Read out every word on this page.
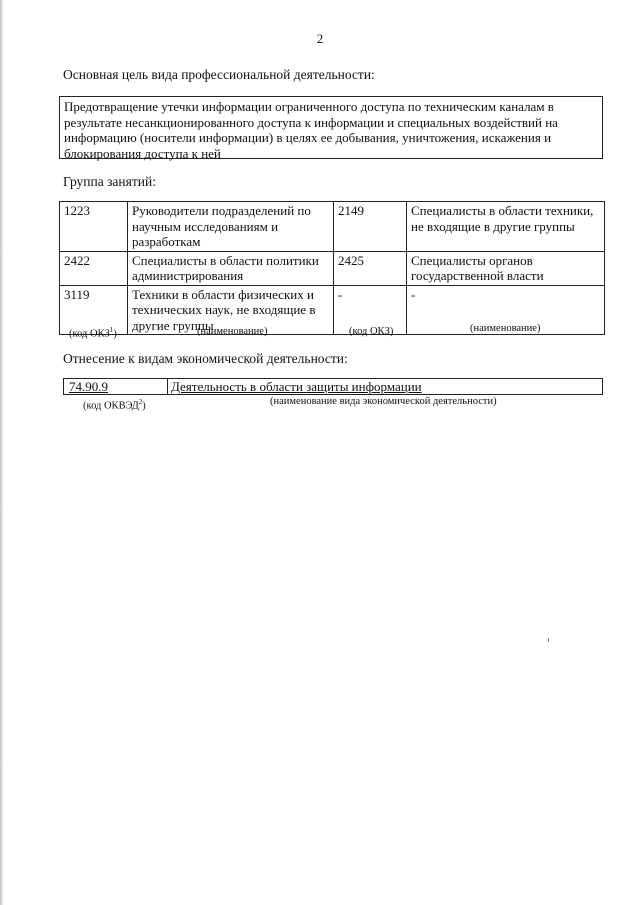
2
Основная цель вида профессиональной деятельности:
Предотвращение утечки информации ограниченного доступа по техническим каналам в результате несанкционированного доступа к информации и специальных воздействий на информацию (носители информации) в целях ее добывания, уничтожения, искажения и блокирования доступа к ней
Группа занятий:
1223	Руководители подразделений по научным исследованиям и разработкам	2149	Специалисты в области техники, не входящие в другие группы
2422	Специалисты в области политики администрирования	2425	Специалисты органов государственной власти
3119	Техники в области физических и технических наук, не входящие в другие группы	-	-
(код ОКЗ$^1$)	(наименование)	(код ОКЗ)	(наименование)
Отнесение к видам экономической деятельности:
74.90.9	Деятельность в области защиты информации
(код ОКВЭД$^2$)	(наименование вида экономической деятельности)
